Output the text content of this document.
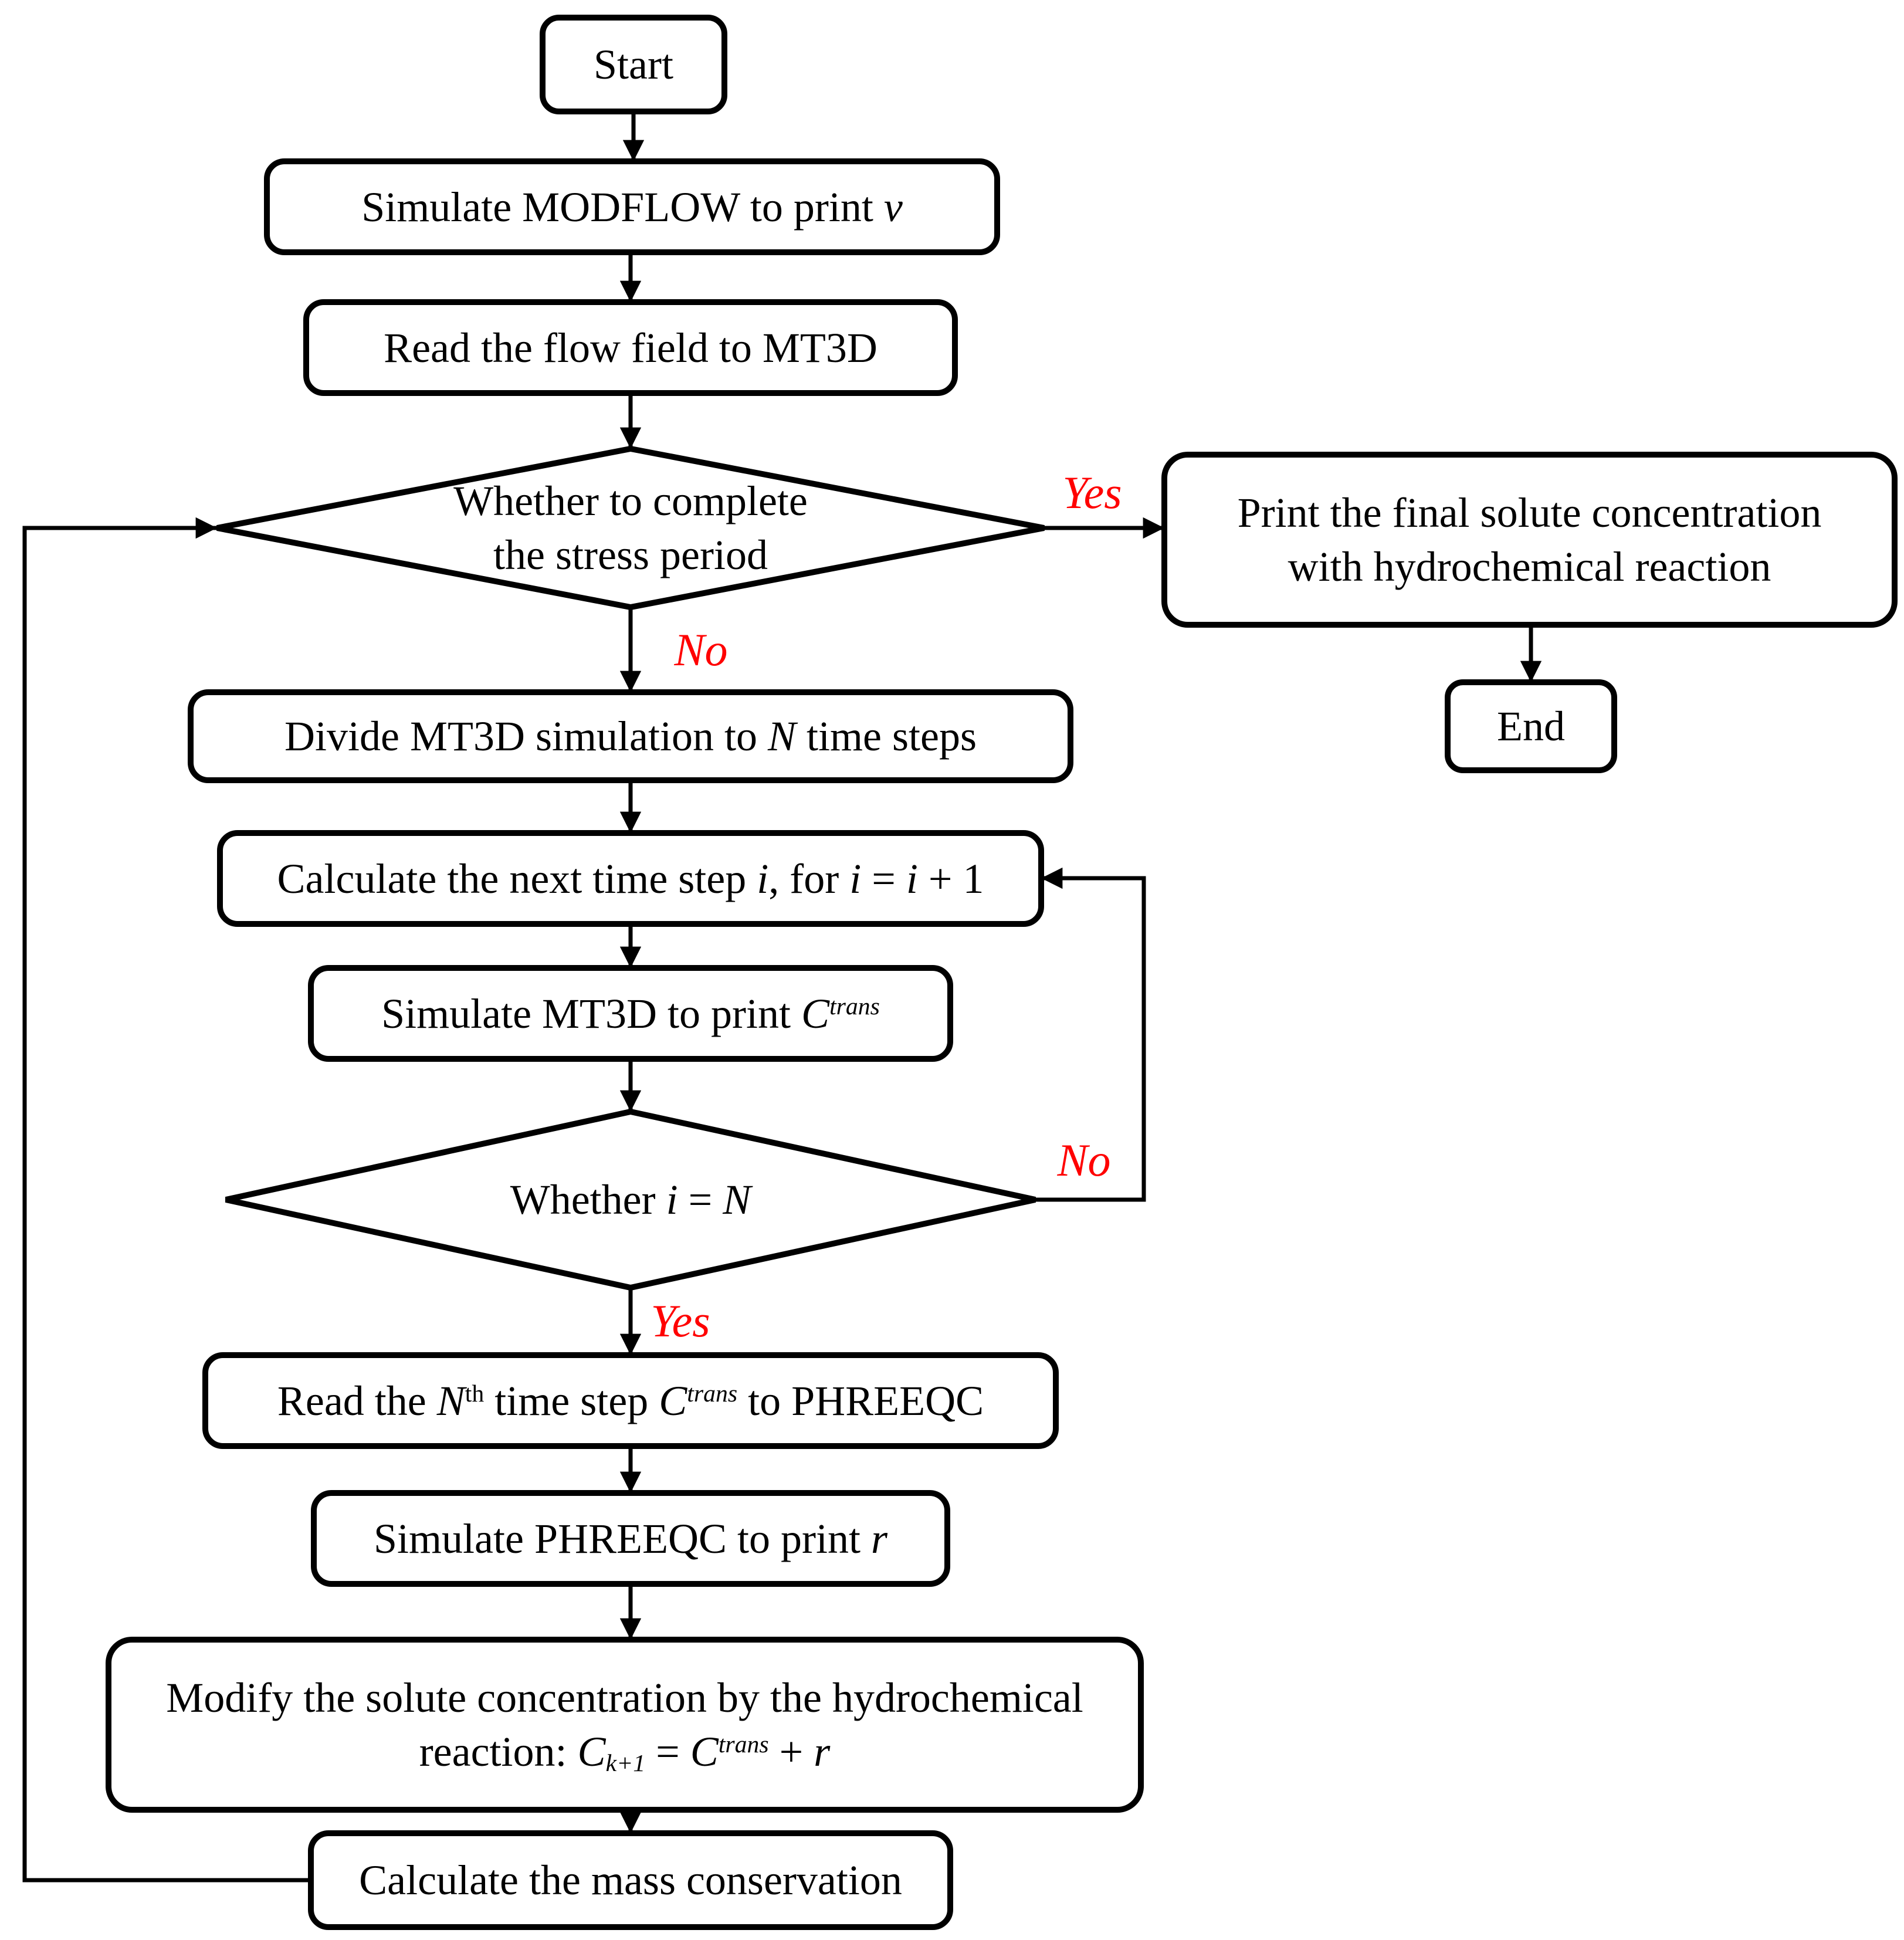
Start
Simulate MODFLOW to print v
Read the flow field to MT3D
Whether to complete
the stress period
Print the final solute concentration
with hydrochemical reaction
End
Divide MT3D simulation to N time steps
Calculate the next time step i, for i = i + 1
Simulate MT3D to print $C^{trans}$
Whether i = N
Read the $N^{th}$ time step $C^{trans}$ to PHREEQC
Simulate PHREEQC to print r
Modify the solute concentration by the hydrochemical
reaction: $C_{k+1} = C^{trans} + r$
Calculate the mass conservation
Yes
No
No
Yes
